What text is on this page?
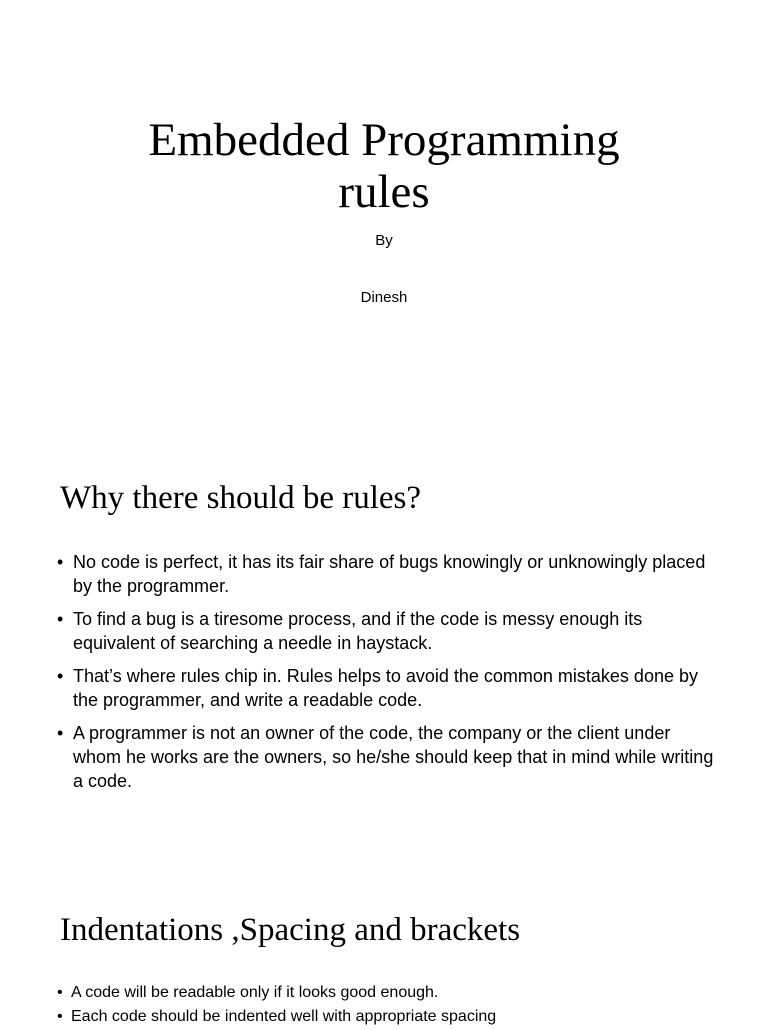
Embedded Programming
rules
By
Dinesh
Why there should be rules?
• No code is perfect, it has its fair share of bugs knowingly or unknowingly placed by the programmer.
• To find a bug is a tiresome process, and if the code is messy enough its equivalent of searching a needle in haystack.
• That’s where rules chip in. Rules helps to avoid the common mistakes done by the programmer, and write a readable code.
• A programmer is not an owner of the code, the company or the client under whom he works are the owners, so he/she should keep that in mind while writing a code.
Indentations ,Spacing and brackets
• A code will be readable only if it looks good enough.
• Each code should be indented well with appropriate spacing
